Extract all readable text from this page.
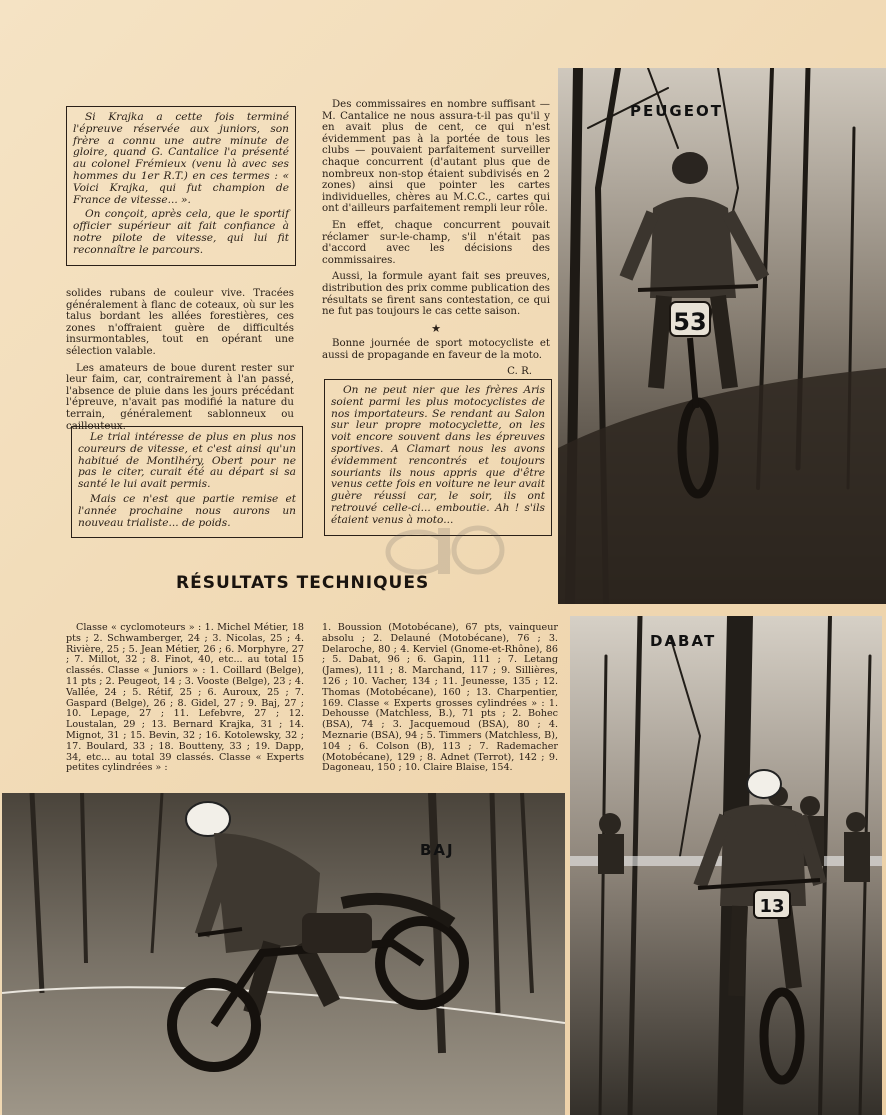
Si Krajka a cette fois terminé l'épreuve réservée aux juniors, son frère a connu une autre minute de gloire, quand G. Cantalice l'a présenté au colonel Frémieux (venu là avec ses hommes du 1er R.T.) en ces termes : « Voici Krajka, qui fut champion de France de vitesse... ».

On conçoit, après cela, que le sportif officier supérieur ait fait confiance à notre pilote de vitesse, qui lui fit reconnaître le parcours.

solides rubans de couleur vive. Tracées généralement à flanc de coteaux, où sur les talus bordant les allées forestières, ces zones n'offraient guère de difficultés insurmontables, tout en opérant une sélection valable.

Les amateurs de boue durent rester sur leur faim, car, contrairement à l'an passé, l'absence de pluie dans les jours précédant l'épreuve, n'avait pas modifié la nature du terrain, généralement sablonneux ou caillouteux.

Le trial intéresse de plus en plus nos coureurs de vitesse, et c'est ainsi qu'un habitué de Montlhéry, Obert pour ne pas le citer, curait été au départ si sa santé le lui avait permis.

Mais ce n'est que partie remise et l'année prochaine nous aurons un nouveau trialiste... de poids.

Des commissaires en nombre suffisant — M. Cantalice ne nous assura-t-il pas qu'il y en avait plus de cent, ce qui n'est évidemment pas à la portée de tous les clubs — pouvaient parfaitement surveiller chaque concurrent (d'autant plus que de nombreux non-stop étaient subdivisés en 2 zones) ainsi que pointer les cartes individuelles, chères au M.C.C., cartes qui ont d'ailleurs parfaitement rempli leur rôle.

En effet, chaque concurrent pouvait réclamer sur-le-champ, s'il n'était pas d'accord avec les décisions des commissaires.

Aussi, la formule ayant fait ses preuves, distribution des prix comme publication des résultats se firent sans contestation, ce qui ne fut pas toujours le cas cette saison.

★

Bonne journée de sport motocycliste et aussi de propagande en faveur de la moto.

C. R.

On ne peut nier que les frères Aris soient parmi les plus motocyclistes de nos importateurs. Se rendant au Salon sur leur propre motocyclette, on les voit encore souvent dans les épreuves sportives. A Clamart nous les avons évidemment rencontrés et toujours souriants ils nous appris que d'être venus cette fois en voiture ne leur avait guère réussi car, le soir, ils ont retrouvé celle-ci... emboutie. Ah ! s'ils étaient venus à moto...

RÉSULTATS TECHNIQUES

Classe « cyclomoteurs » : 1. Michel Métier, 18 pts ; 2. Schwamberger, 24 ; 3. Nicolas, 25 ; 4. Rivière, 25 ; 5. Jean Métier, 26 ; 6. Morphyre, 27 ; 7. Millot, 32 ; 8. Finot, 40, etc... au total 15 classés. Classe « Juniors » : 1. Coillard (Belge), 11 pts ; 2. Peugeot, 14 ; 3. Vooste (Belge), 23 ; 4. Vallée, 24 ; 5. Rétif, 25 ; 6. Auroux, 25 ; 7. Gaspard (Belge), 26 ; 8. Gidel, 27 ; 9. Baj, 27 ; 10. Lepage, 27 ; 11. Lefebvre, 27 ; 12. Loustalan, 29 ; 13. Bernard Krajka, 31 ; 14. Mignot, 31 ; 15. Bevin, 32 ; 16. Kotolewsky, 32 ; 17. Boulard, 33 ; 18. Boutteny, 33 ; 19. Dapp, 34, etc... au total 39 classés. Classe « Experts petites cylindrées » :

1. Boussion (Motobécane), 67 pts, vainqueur absolu ; 2. Delauné (Motobécane), 76 ; 3. Delaroche, 80 ; 4. Kerviel (Gnome-et-Rhône), 86 ; 5. Dabat, 96 ; 6. Gapin, 111 ; 7. Letang (James), 111 ; 8. Marchand, 117 ; 9. Sillières, 126 ; 10. Vacher, 134 ; 11. Jeunesse, 135 ; 12. Thomas (Motobécane), 160 ; 13. Charpentier, 169. Classe « Experts grosses cylindrées » : 1. Dehousse (Matchless, B.), 71 pts ; 2. Bohec (BSA), 74 ; 3. Jacquemoud (BSA), 80 ; 4. Meznarie (BSA), 94 ; 5. Timmers (Matchless, B), 104 ; 6. Colson (B), 113 ; 7. Rademacher (Motobécane), 129 ; 8. Adnet (Terrot), 142 ; 9. Dagoneau, 150 ; 10. Claire Blaise, 154.

53
PEUGEOT
13
DABAT
BAJ
